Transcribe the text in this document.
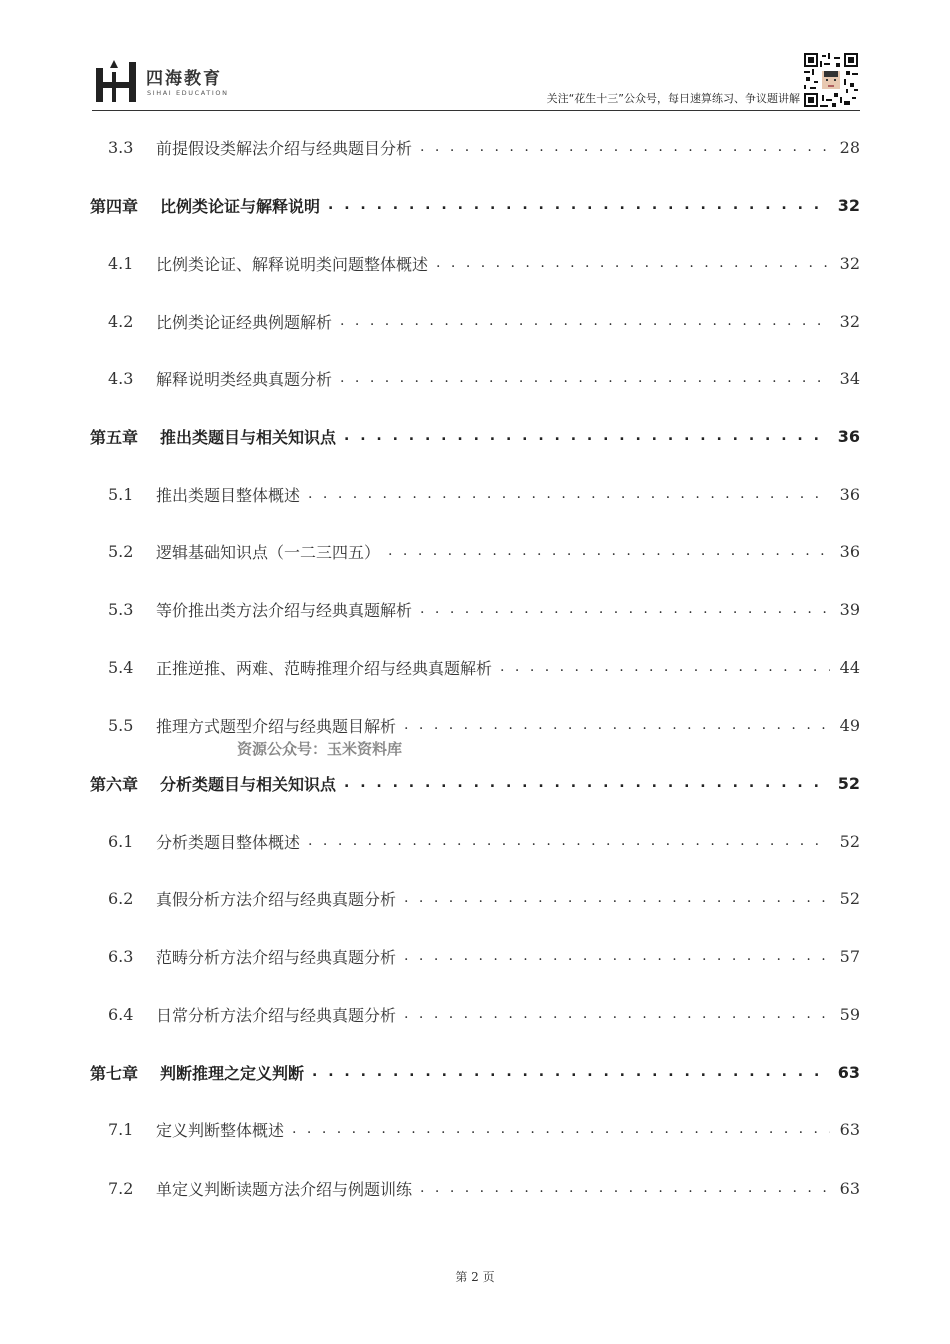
四海教育
SIHAI EDUCATION	关注“花生十三”公众号，每日速算练习、争议题讲解
3.3	前提假设类解法介绍与经典题目分析 . . .	28
第四章 比例类论证与解释说明 . . .	32
4.1	比例类论证、解释说明类问题整体概述 . . .	32
4.2	比例类论证经典例题解析 . . .	32
4.3	解释说明类经典真题分析 . . .	34
第五章 推出类题目与相关知识点 . . .	36
5.1	推出类题目整体概述 . . .	36
5.2	逻辑基础知识点（一二三四五） . . .	36
5.3	等价推出类方法介绍与经典真题解析 . . .	39
5.4	正推逆推、两难、范畴推理介绍与经典真题解析 . . .	44
5.5	推理方式题型介绍与经典题目解析 . . .	49
第六章 分析类题目与相关知识点 . . .	52
6.1	分析类题目整体概述 . . .	52
6.2	真假分析方法介绍与经典真题分析 . . .	52
6.3	范畴分析方法介绍与经典真题分析 . . .	57
6.4	日常分析方法介绍与经典真题分析 . . .	59
第七章 判断推理之定义判断 . . .	63
7.1	定义判断整体概述 . . .	63
7.2	单定义判断读题方法介绍与例题训练 . . .	63
资源公众号：玉米资料库
第 2 页
